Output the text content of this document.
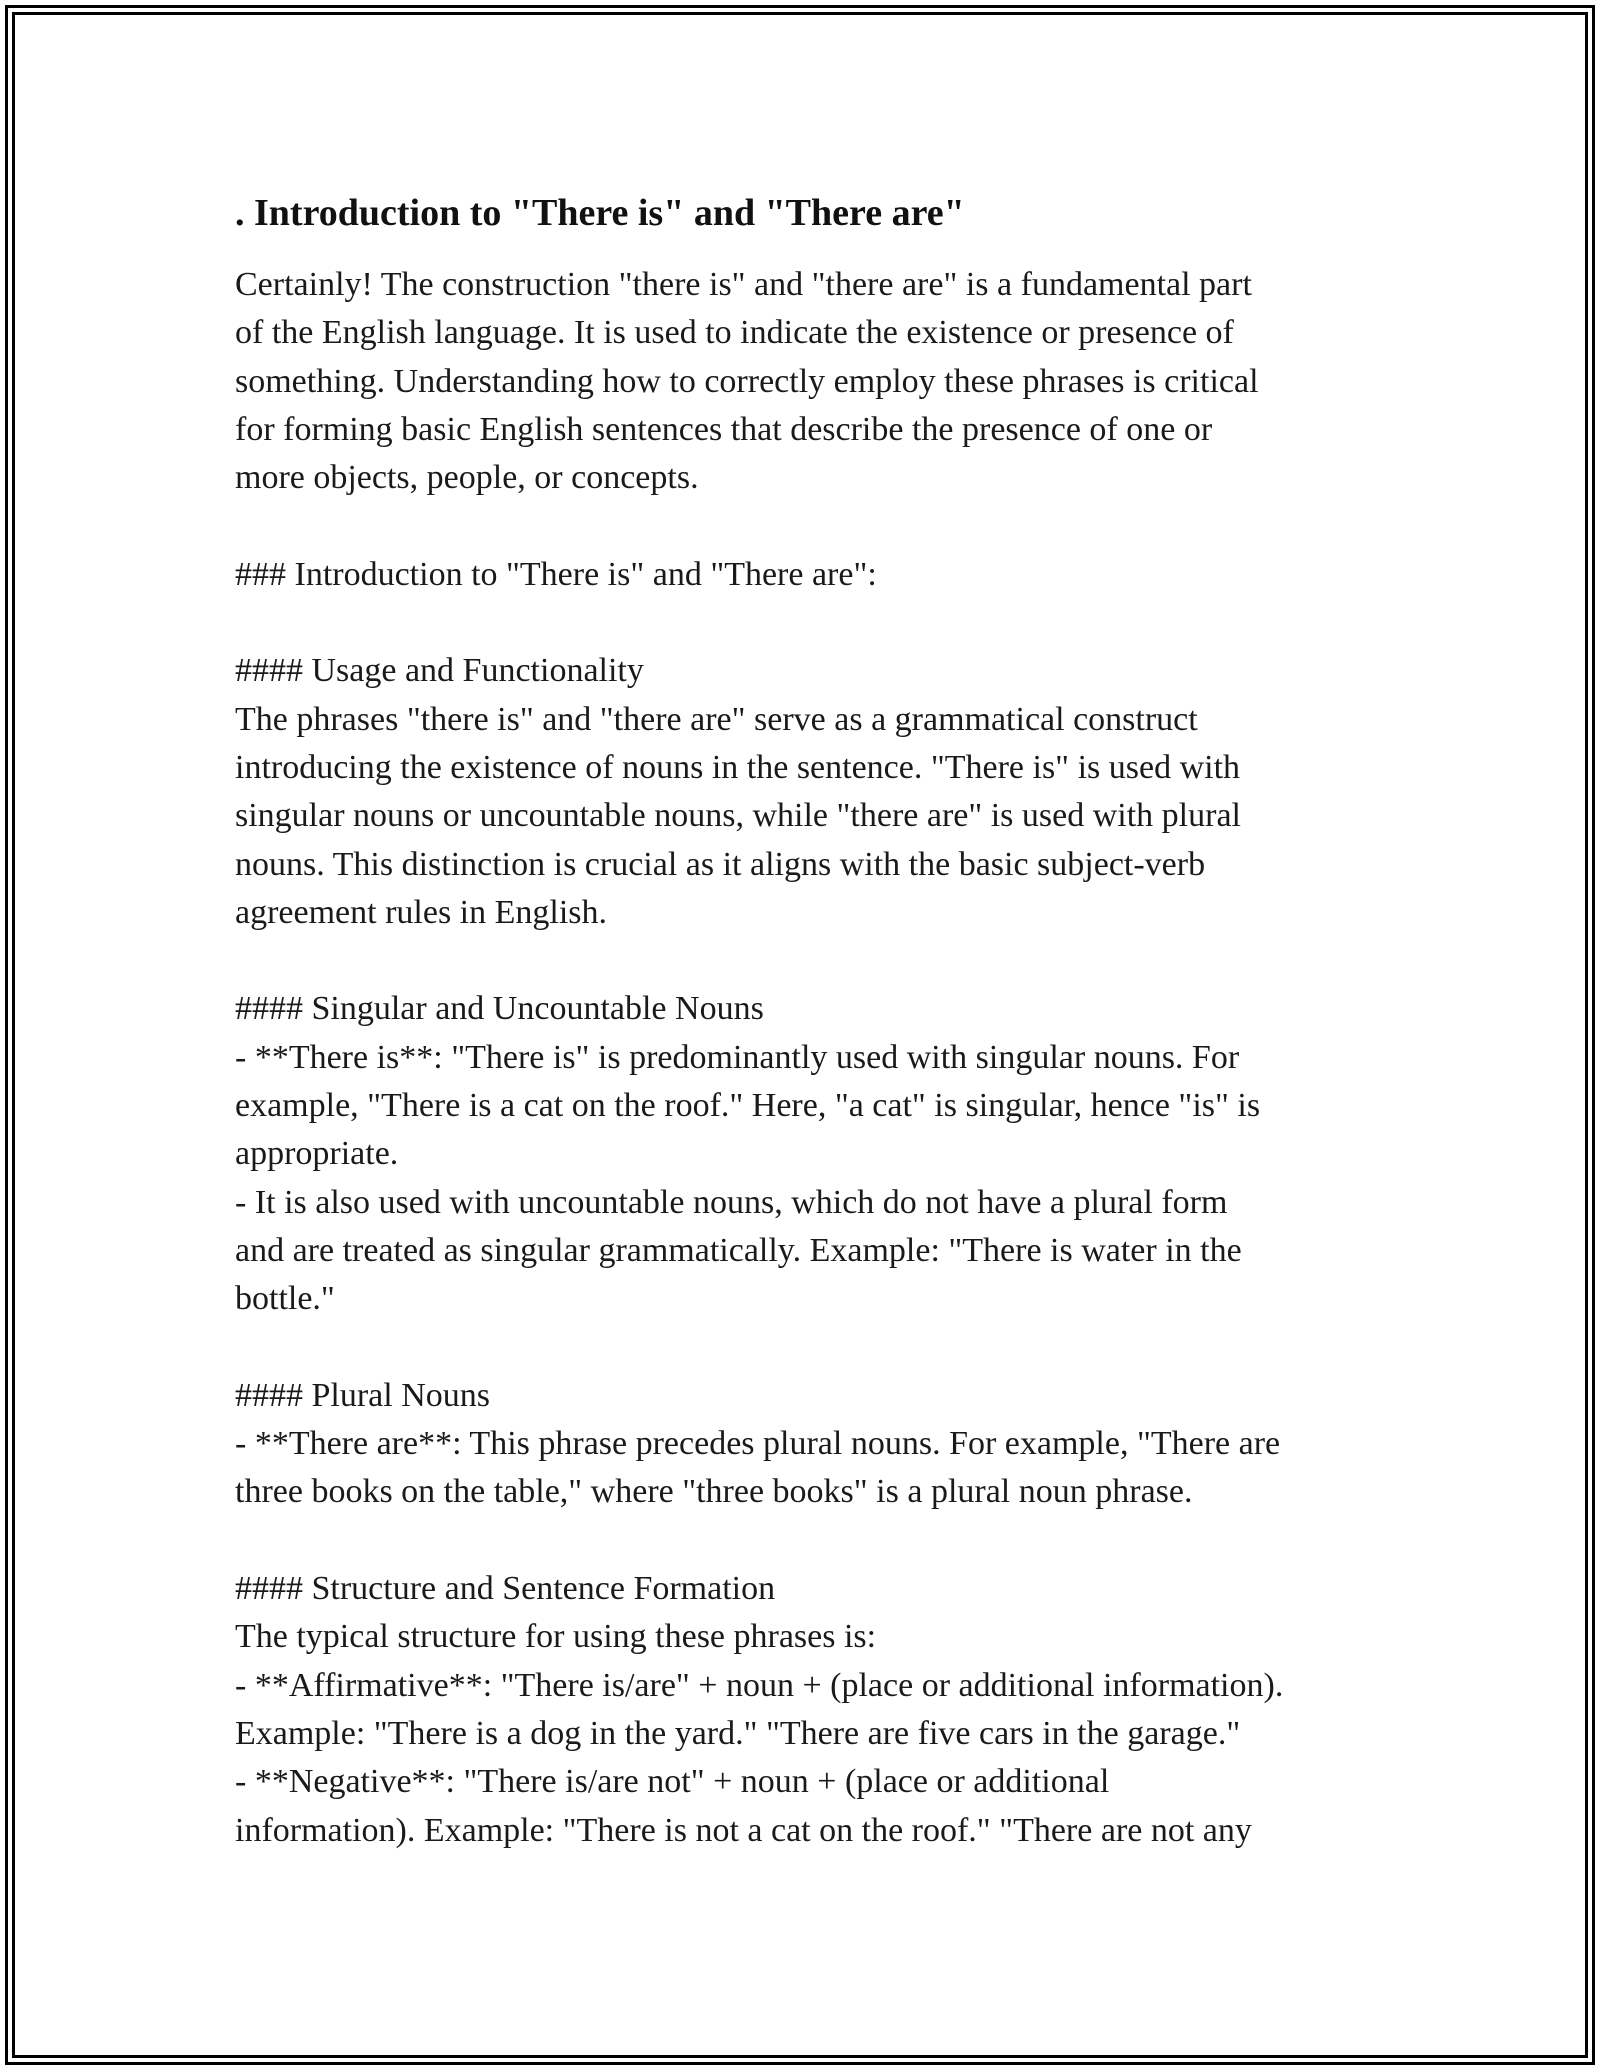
. Introduction to "There is" and "There are"
Certainly! The construction "there is" and "there are" is a fundamental part
of the English language. It is used to indicate the existence or presence of
something. Understanding how to correctly employ these phrases is critical
for forming basic English sentences that describe the presence of one or
more objects, people, or concepts.
### Introduction to "There is" and "There are":
#### Usage and Functionality
The phrases "there is" and "there are" serve as a grammatical construct
introducing the existence of nouns in the sentence. "There is" is used with
singular nouns or uncountable nouns, while "there are" is used with plural
nouns. This distinction is crucial as it aligns with the basic subject-verb
agreement rules in English.
#### Singular and Uncountable Nouns
- **There is**: "There is" is predominantly used with singular nouns. For
example, "There is a cat on the roof." Here, "a cat" is singular, hence "is" is
appropriate.
- It is also used with uncountable nouns, which do not have a plural form
and are treated as singular grammatically. Example: "There is water in the
bottle."
#### Plural Nouns
- **There are**: This phrase precedes plural nouns. For example, "There are
three books on the table," where "three books" is a plural noun phrase.
#### Structure and Sentence Formation
The typical structure for using these phrases is:
- **Affirmative**: "There is/are" + noun + (place or additional information).
Example: "There is a dog in the yard." "There are five cars in the garage."
- **Negative**: "There is/are not" + noun + (place or additional
information). Example: "There is not a cat on the roof." "There are not any
